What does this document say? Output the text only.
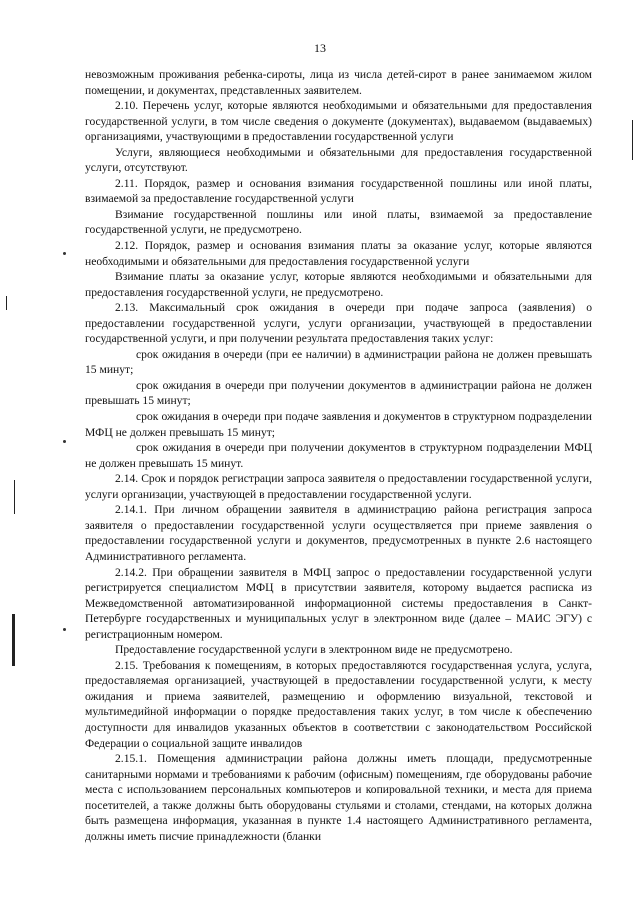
13

невозможным проживания ребенка-сироты, лица из числа детей-сирот в ранее занимаемом жилом помещении, и документах, представленных заявителем.

2.10. Перечень услуг, которые являются необходимыми и обязательными для предоставления государственной услуги, в том числе сведения о документе (документах), выдаваемом (выдаваемых) организациями, участвующими в предоставлении государственной услуги

Услуги, являющиеся необходимыми и обязательными для предоставления государственной услуги, отсутствуют.

2.11. Порядок, размер и основания взимания государственной пошлины или иной платы, взимаемой за предоставление государственной услуги

Взимание государственной пошлины или иной платы, взимаемой за предоставление государственной услуги, не предусмотрено.

2.12. Порядок, размер и основания взимания платы за оказание услуг, которые являются необходимыми и обязательными для предоставления государственной услуги

Взимание платы за оказание услуг, которые являются необходимыми и обязательными для предоставления государственной услуги, не предусмотрено.

2.13. Максимальный срок ожидания в очереди при подаче запроса (заявления) о предоставлении государственной услуги, услуги организации, участвующей в предоставлении государственной услуги, и при получении результата предоставления таких услуг:

срок ожидания в очереди (при ее наличии) в администрации района не должен превышать 15 минут;

срок ожидания в очереди при получении документов в администрации района не должен превышать 15 минут;

срок ожидания в очереди при подаче заявления и документов в структурном подразделении МФЦ не должен превышать 15 минут;

срок ожидания в очереди при получении документов в структурном подразделении МФЦ не должен превышать 15 минут.

2.14. Срок и порядок регистрации запроса заявителя о предоставлении государственной услуги, услуги организации, участвующей в предоставлении государственной услуги.

2.14.1. При личном обращении заявителя в администрацию района регистрация запроса заявителя о предоставлении государственной услуги осуществляется при приеме заявления о предоставлении государственной услуги и документов, предусмотренных в пункте 2.6 настоящего Административного регламента.

2.14.2. При обращении заявителя в МФЦ запрос о предоставлении государственной услуги регистрируется специалистом МФЦ в присутствии заявителя, которому выдается расписка из Межведомственной автоматизированной информационной системы предоставления в Санкт-Петербурге государственных и муниципальных услуг в электронном виде (далее – МАИС ЭГУ) с регистрационным номером.

Предоставление государственной услуги в электронном виде не предусмотрено.

2.15. Требования к помещениям, в которых предоставляются государственная услуга, услуга, предоставляемая организацией, участвующей в предоставлении государственной услуги, к месту ожидания и приема заявителей, размещению и оформлению визуальной, текстовой и мультимедийной информации о порядке предоставления таких услуг, в том числе к обеспечению доступности для инвалидов указанных объектов в соответствии с законодательством Российской Федерации о социальной защите инвалидов

2.15.1. Помещения администрации района должны иметь площади, предусмотренные санитарными нормами и требованиями к рабочим (офисным) помещениям, где оборудованы рабочие места с использованием персональных компьютеров и копировальной техники, и места для приема посетителей, а также должны быть оборудованы стульями и столами, стендами, на которых должна быть размещена информация, указанная в пункте 1.4 настоящего Административного регламента, должны иметь писчие принадлежности (бланки
